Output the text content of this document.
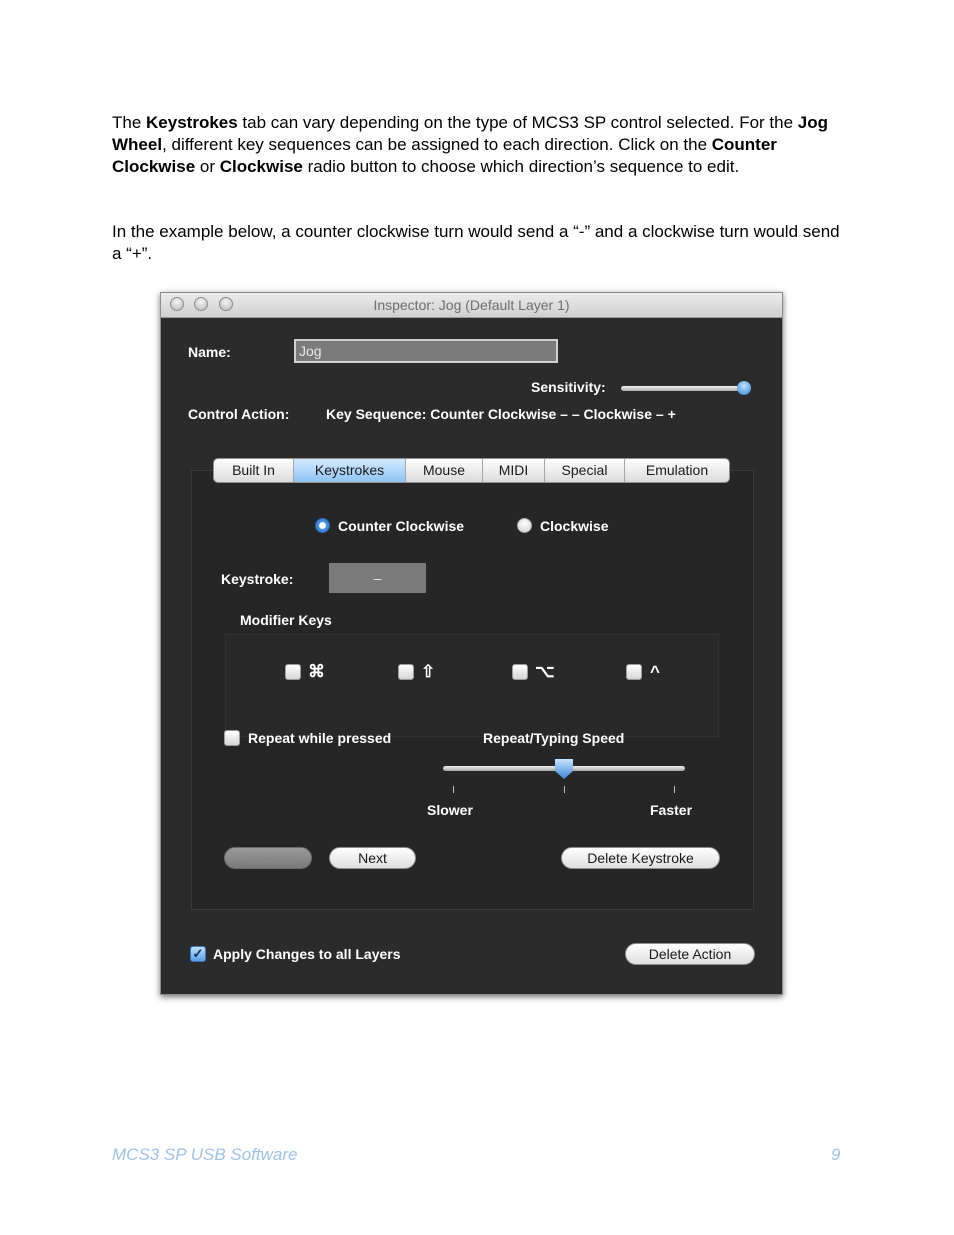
The Keystrokes tab can vary depending on the type of MCS3 SP control selected. For the Jog Wheel, different key sequences can be assigned to each direction. Click on the Counter Clockwise or Clockwise radio button to choose which direction’s sequence to edit.

In the example below, a counter clockwise turn would send a “-” and a clockwise turn would send a “+”.

Inspector: Jog (Default Layer 1)
Name:
Jog
Sensitivity:
Control Action:	Key Sequence: Counter Clockwise – – Clockwise – +
Built In	Keystrokes	Mouse	MIDI	Special	Emulation
Counter Clockwise	Clockwise
Keystroke:	–
Modifier Keys
⌘	⇧	⌥	^
Repeat while pressed	Repeat/Typing Speed
Slower	Faster
Previous	Next	Delete Keystroke
✓ Apply Changes to all Layers	Delete Action
MCS3 SP USB Software	9
